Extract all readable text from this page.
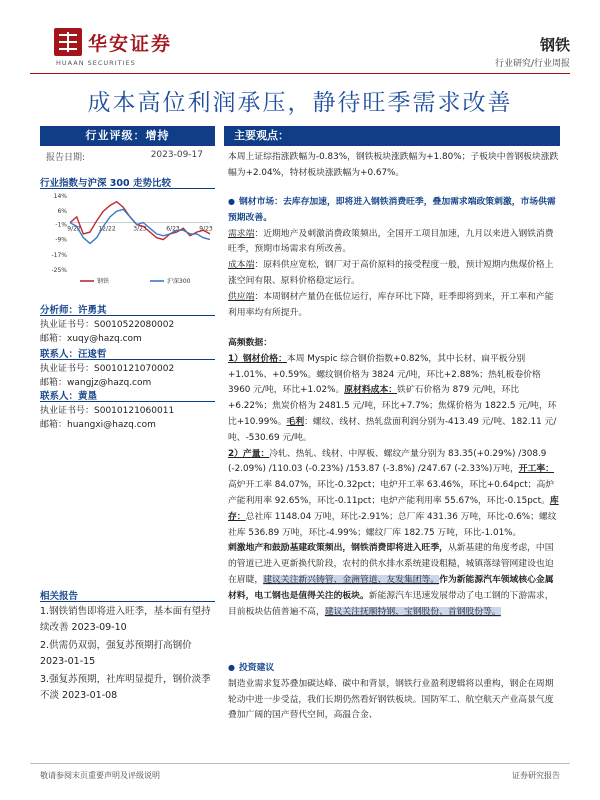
华安证券
HUAAN SECURITIES
钢铁
行业研究/行业周报
成本高位利润承压，静待旺季需求改善
行业评级：增持
报告日期:	2023-09-17
行业指数与沪深 300 走势比较
14%
6%
-1%
-9%
-17%
-25%
9/22	12/22	3/23	6/23	9/23
钢铁	沪深300
分析师：许勇其
执业证书号：S0010522080002
邮箱：xuqy@hazq.com
联系人：汪逡哲
执业证书号：S0010121070002
邮箱：wangjz@hazq.com
联系人：黄垦
执业证书号：S0010121060011
邮箱：huangxi@hazq.com
相关报告
1.钢铁销售即将进入旺季，基本面有望持续改善 2023-09-10
2.供需仍双弱，强复苏预期打高钢价 2023-01-15
3.强复苏预期，社库明显提升，钢价淡季不淡 2023-01-08
主要观点：

本周上证综指涨跌幅为-0.83%，钢铁板块涨跌幅为+1.80%；子板块中普钢板块涨跌幅为+2.04%，特材板块涨跌幅为+0.67%。

● 钢材市场：去库存加速，即将进入钢铁消费旺季，叠加需求端政策刺激，市场供需预期改善。

需求端：近期地产及刺激消费政策频出，全国开工项目加速，九月以来进入钢铁消费旺季，预期市场需求有所改善。

成本端：原料供应宽松，钢厂对于高价原料的接受程度一般，预计短期内焦煤价格上涨空间有限、原料价格稳定运行。

供应端：本周钢材产量仍在低位运行，库存环比下降，旺季即将到来，开工率和产能利用率均有所提升。

高频数据：

1）钢材价格：本周 Myspic 综合钢价指数+0.82%，其中长材、扁平板分别+1.01%、+0.59%。螺纹钢价格为 3824 元/吨，环比+2.88%；热轧板卷价格 3960 元/吨，环比+1.02%。原材料成本：铁矿石价格为 879 元/吨，环比+6.22%；焦炭价格为 2481.5 元/吨，环比+7.7%；焦煤价格为 1822.5 元/吨，环比+10.99%。毛利：螺纹、线材、热轧盘面利润分别为-413.49 元/吨、182.11 元/吨、-530.69 元/吨。

2）产量：冷轧、热轧、线材、中厚板、螺纹产量分别为 83.35(+0.29%) /308.9 (-2.09%) /110.03 (-0.23%) /153.87 (-3.8%) /247.67 (-2.33%)万吨，开工率：高炉开工率 84.07%，环比-0.32pct；电炉开工率 63.46%，环比+0.64pct；高炉产能利用率 92.65%，环比-0.11pct；电炉产能利用率 55.67%，环比-0.15pct。库存：总社库 1148.04 万吨，环比-2.91%；总厂库 431.36 万吨，环比-0.6%；螺纹社库 536.89 万吨，环比-4.99%；螺纹厂库 182.75 万吨，环比-1.01%。

刺激地产和鼓励基建政策频出，钢铁消费即将进入旺季，从新基建的角度考虑，中国的管道已进入更新换代阶段，农村的供水排水系统建设粗糙，城镇落绿管网建设也迫在眉睫，建议关注新兴铸管、金洲管道、友发集团等。作为新能源汽车领域核心金属材料，电工钢也是值得关注的板块。新能源汽车迅速发展带动了电工钢的下游需求，目前板块估值普遍不高，建议关注抚顺特钢、宝钢股份、首钢股份等。

● 投资建议

制造业需求复苏叠加碳达峰、碳中和背景，钢铁行业盈利逻辑将以重构，钢企在周期轮动中进一步受益，我们长期仍然看好钢铁板块。国防军工、航空航天产业高景气度叠加广阔的国产替代空间，高温合金、

敬请参阅末页重要声明及评级说明	证券研究报告
